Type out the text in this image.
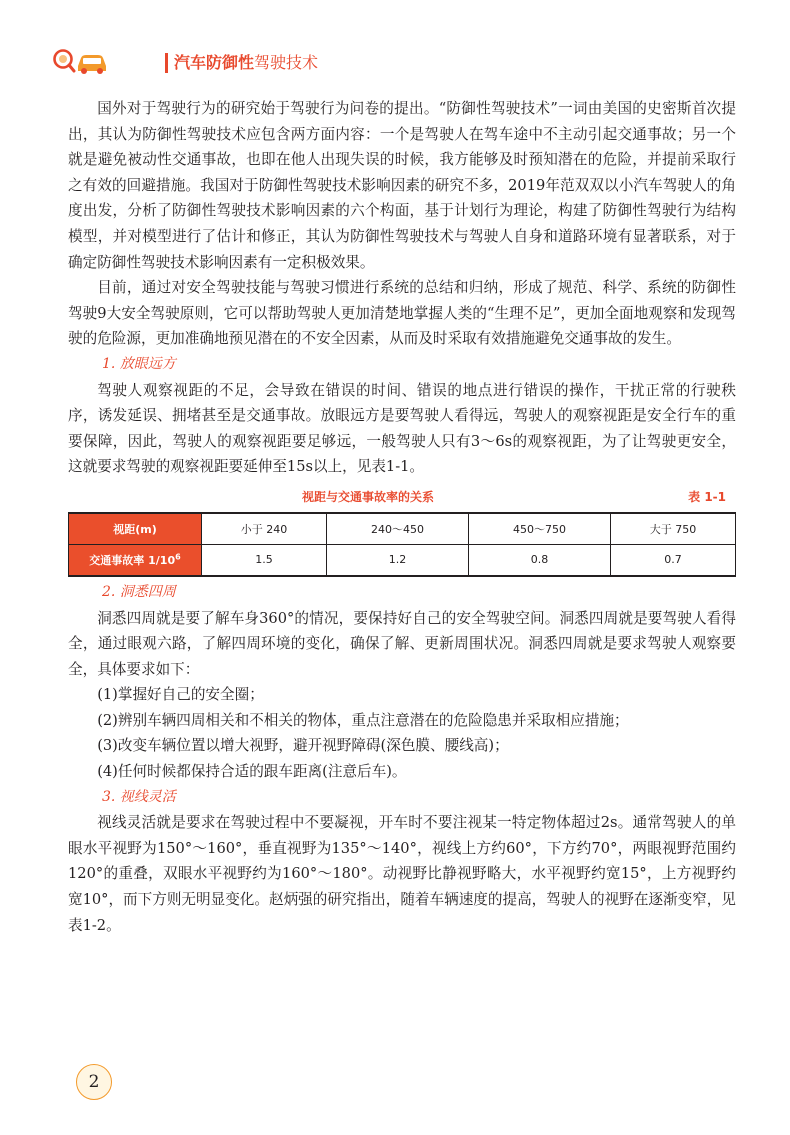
汽车防御性驾驶技术

国外对于驾驶行为的研究始于驾驶行为问卷的提出。“防御性驾驶技术”一词由美国的史密斯首次提出，其认为防御性驾驶技术应包含两方面内容：一个是驾驶人在驾车途中不主动引起交通事故；另一个就是避免被动性交通事故，也即在他人出现失误的时候，我方能够及时预知潜在的危险，并提前采取行之有效的回避措施。我国对于防御性驾驶技术影响因素的研究不多，2019年范双双以小汽车驾驶人的角度出发，分析了防御性驾驶技术影响因素的六个构面，基于计划行为理论，构建了防御性驾驶行为结构模型，并对模型进行了估计和修正，其认为防御性驾驶技术与驾驶人自身和道路环境有显著联系，对于确定防御性驾驶技术影响因素有一定积极效果。

目前，通过对安全驾驶技能与驾驶习惯进行系统的总结和归纳，形成了规范、科学、系统的防御性驾驶9大安全驾驶原则，它可以帮助驾驶人更加清楚地掌握人类的“生理不足”，更加全面地观察和发现驾驶的危险源，更加准确地预见潜在的不安全因素，从而及时采取有效措施避免交通事故的发生。

1. 放眼远方

驾驶人观察视距的不足，会导致在错误的时间、错误的地点进行错误的操作，干扰正常的行驶秩序，诱发延误、拥堵甚至是交通事故。放眼远方是要驾驶人看得远，驾驶人的观察视距是安全行车的重要保障，因此，驾驶人的观察视距要足够远，一般驾驶人只有3～6s的观察视距，为了让驾驶更安全，这就要求驾驶的观察视距要延伸至15s以上，见表1-1。

视距与交通事故率的关系	表 1-1
视距(m)	小于 240	240～450	450～750	大于 750
交通事故率 $1/10^6$	1.5	1.2	0.8	0.7
2. 洞悉四周

洞悉四周就是要了解车身360°的情况，要保持好自己的安全驾驶空间。洞悉四周就是要驾驶人看得全，通过眼观六路，了解四周环境的变化，确保了解、更新周围状况。洞悉四周就是要求驾驶人观察要全，具体要求如下：

(1)掌握好自己的安全圈；

(2)辨别车辆四周相关和不相关的物体，重点注意潜在的危险隐患并采取相应措施；

(3)改变车辆位置以增大视野，避开视野障碍(深色膜、腰线高)；

(4)任何时候都保持合适的跟车距离(注意后车)。

3. 视线灵活

视线灵活就是要求在驾驶过程中不要凝视，开车时不要注视某一特定物体超过2s。通常驾驶人的单眼水平视野为150°～160°，垂直视野为135°～140°，视线上方约60°，下方约70°，两眼视野范围约120°的重叠，双眼水平视野约为160°～180°。动视野比静视野略大，水平视野约宽15°，上方视野约宽10°，而下方则无明显变化。赵炳强的研究指出，随着车辆速度的提高，驾驶人的视野在逐渐变窄，见表1-2。

2
